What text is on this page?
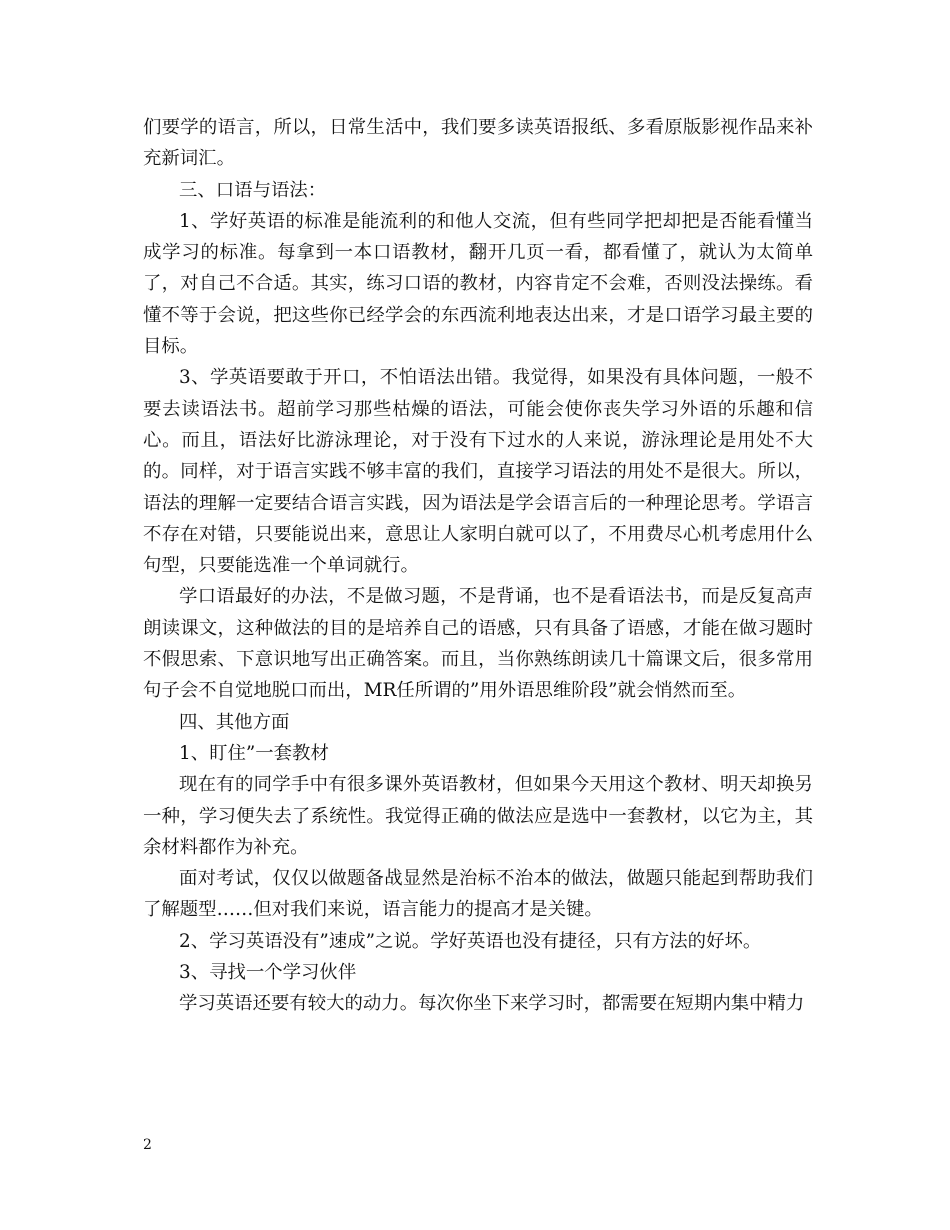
们要学的语言，所以，日常生活中，我们要多读英语报纸、多看原版影视作品来补充新词汇。

三、口语与语法：

1、学好英语的标准是能流利的和他人交流，但有些同学把却把是否能看懂当成学习的标准。每拿到一本口语教材，翻开几页一看，都看懂了，就认为太简单了，对自己不合适。其实，练习口语的教材，内容肯定不会难，否则没法操练。看懂不等于会说，把这些你已经学会的东西流利地表达出来，才是口语学习最主要的目标。

3、学英语要敢于开口，不怕语法出错。我觉得，如果没有具体问题，一般不要去读语法书。超前学习那些枯燥的语法，可能会使你丧失学习外语的乐趣和信心。而且，语法好比游泳理论，对于没有下过水的人来说，游泳理论是用处不大的。同样，对于语言实践不够丰富的我们，直接学习语法的用处不是很大。所以，语法的理解一定要结合语言实践，因为语法是学会语言后的一种理论思考。学语言不存在对错，只要能说出来，意思让人家明白就可以了，不用费尽心机考虑用什么句型，只要能选准一个单词就行。

学口语最好的办法，不是做习题，不是背诵，也不是看语法书，而是反复高声朗读课文，这种做法的目的是培养自己的语感，只有具备了语感，才能在做习题时不假思索、下意识地写出正确答案。而且，当你熟练朗读几十篇课文后，很多常用句子会不自觉地脱口而出，MR任所谓的”用外语思维阶段”就会悄然而至。

四、其他方面

1、盯住”一套教材

现在有的同学手中有很多课外英语教材，但如果今天用这个教材、明天却换另一种，学习便失去了系统性。我觉得正确的做法应是选中一套教材，以它为主，其余材料都作为补充。

面对考试，仅仅以做题备战显然是治标不治本的做法，做题只能起到帮助我们了解题型……但对我们来说，语言能力的提高才是关键。

2、学习英语没有”速成”之说。学好英语也没有捷径，只有方法的好坏。

3、寻找一个学习伙伴

学习英语还要有较大的动力。每次你坐下来学习时，都需要在短期内集中精力

2
